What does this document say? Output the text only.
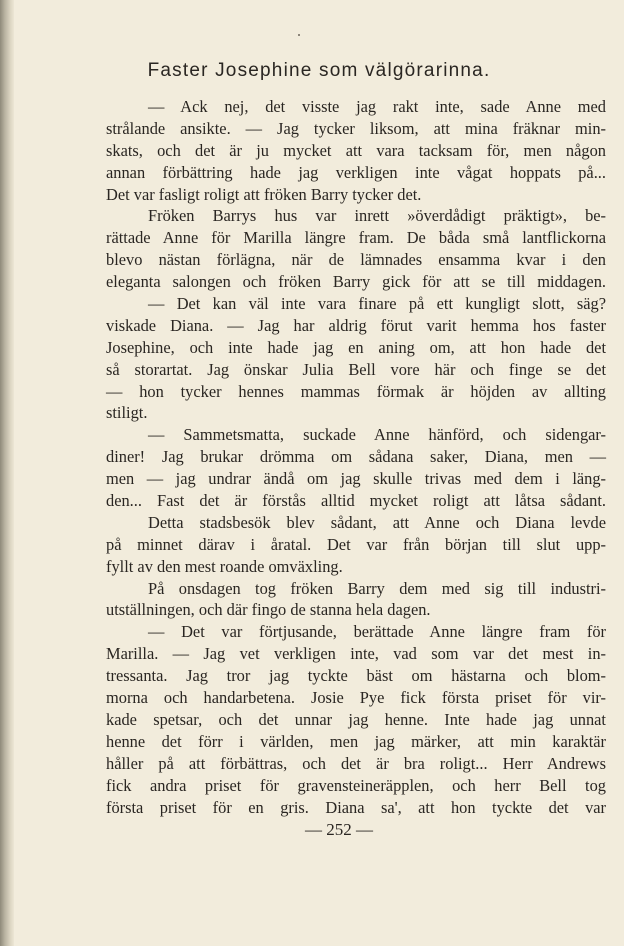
Faster Josephine som välgörarinna.
— Ack nej, det visste jag rakt inte, sade Anne med
strålande ansikte. — Jag tycker liksom, att mina fräknar min-
skats, och det är ju mycket att vara tacksam för, men någon
annan förbättring hade jag verkligen inte vågat hoppats på...
Det var fasligt roligt att fröken Barry tycker det.
Fröken Barrys hus var inrett »överdådigt präktigt», be-
rättade Anne för Marilla längre fram. De båda små lantflickorna
blevo nästan förlägna, när de lämnades ensamma kvar i den
eleganta salongen och fröken Barry gick för att se till middagen.
— Det kan väl inte vara finare på ett kungligt slott, säg?
viskade Diana. — Jag har aldrig förut varit hemma hos faster
Josephine, och inte hade jag en aning om, att hon hade det
så storartat. Jag önskar Julia Bell vore här och finge se det
— hon tycker hennes mammas förmak är höjden av allting
stiligt.
— Sammetsmatta, suckade Anne hänförd, och sidengar-
diner! Jag brukar drömma om sådana saker, Diana, men —
men — jag undrar ändå om jag skulle trivas med dem i läng-
den... Fast det är förstås alltid mycket roligt att låtsa sådant.
Detta stadsbesök blev sådant, att Anne och Diana levde
på minnet därav i åratal. Det var från början till slut upp-
fyllt av den mest roande omväxling.
På onsdagen tog fröken Barry dem med sig till industri-
utställningen, och där fingo de stanna hela dagen.
— Det var förtjusande, berättade Anne längre fram för
Marilla. — Jag vet verkligen inte, vad som var det mest in-
tressanta. Jag tror jag tyckte bäst om hästarna och blom-
morna och handarbetena. Josie Pye fick första priset för vir-
kade spetsar, och det unnar jag henne. Inte hade jag unnat
henne det förr i världen, men jag märker, att min karaktär
håller på att förbättras, och det är bra roligt... Herr Andrews
fick andra priset för gravensteineräpplen, och herr Bell tog
första priset för en gris. Diana sa', att hon tyckte det var
— 252 —
